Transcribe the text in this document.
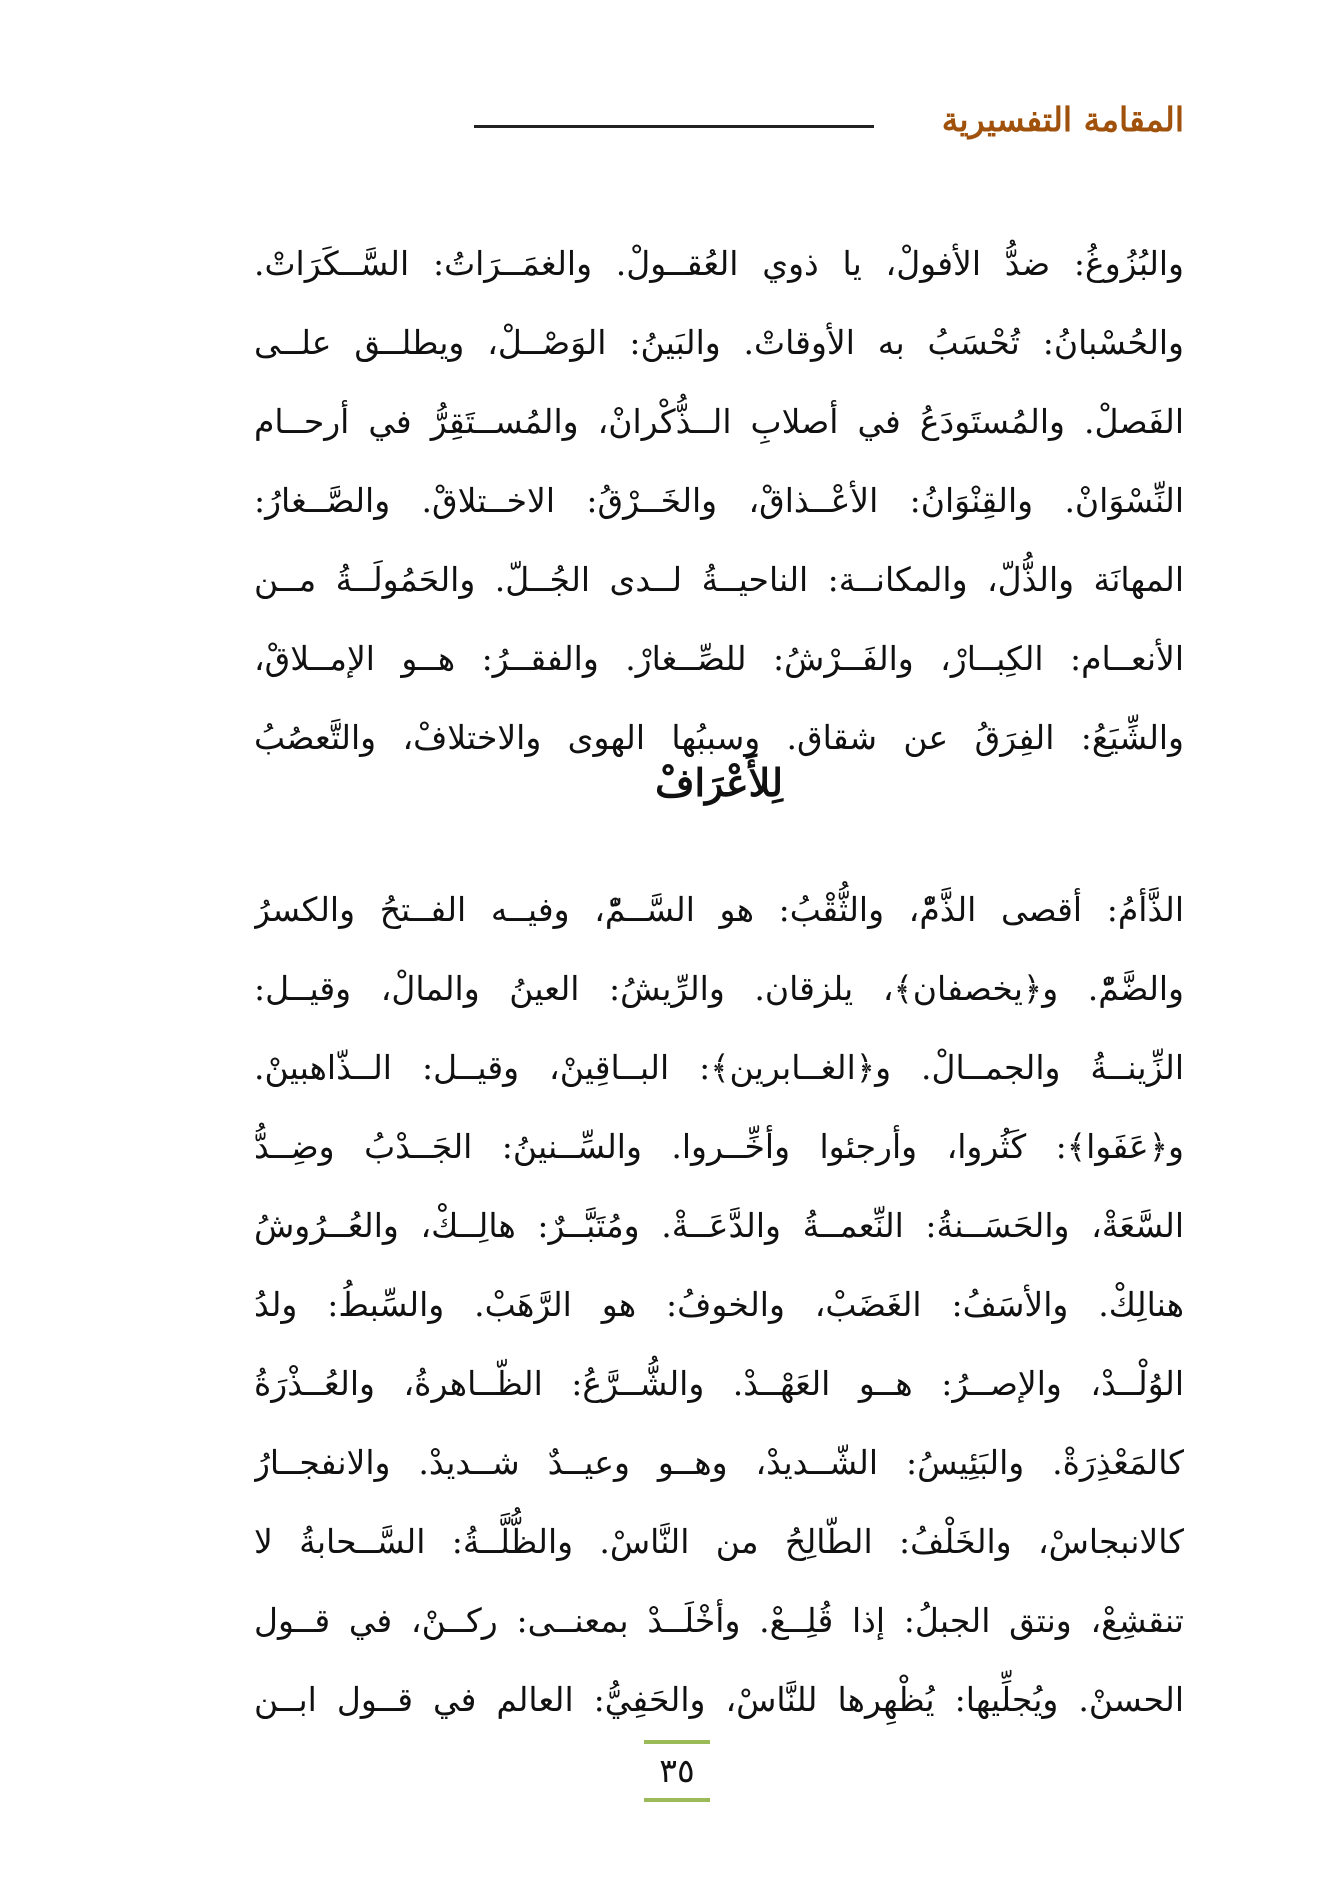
المقامة التفسيرية
والبُزُوغُ: ضدُّ الأفولْ، يا ذوي العُقــولْ. والغمَــرَاتُ: السَّــكَرَاتْ.
والحُسْبانُ: تُحْسَبُ به الأوقاتْ. والبَينُ: الوَصْــلْ، ويطلــق علــى
الفَصلْ. والمُستَودَعُ في أصلابِ الــذُّكْرانْ، والمُســتَقِرُّ في أرحــام
النِّسْوَانْ. والقِنْوَانُ: الأعْــذاقْ، والخَــرْقُ: الاخــتلاقْ. والصَّــغارُ:
المهانَة والذُّلّ، والمكانــة: الناحيــةُ لــدى الجُــلّ. والحَمُولَــةُ مــن
الأنعــام: الكِبــارْ، والفَــرْشُ: للصِّــغارْ. والفقــرُ: هــو الإمــلاقْ،
والشِّيَعُ: الفِرَقُ عن شقاق. وسببُها الهوى والاختلافْ، والتَّعصُبُ
لِلأَعْرَافْ
الذَّأمُ: أقصى الذَّمّْ، والثُّقْبُ: هو السَّــمّْ، وفيــه الفــتحُ والكسرُ
والضَّمّْ. و﴿يخصفان﴾، يلزقان. والرِّيشُ: العينُ والمالْ، وقيــل:
الزِّينــةُ والجمــالْ. و﴿الغــابرين﴾: البــاقِينْ، وقيــل: الــذّاهبينْ.
و﴿عَفَوا﴾: كَثُروا، وأرجئوا وأخِّــروا. والسِّــنينُ: الجَــدْبُ وضِــدُّ
السَّعَةْ، والحَسَــنةُ: النِّعمــةُ والدَّعَــةْ. ومُتَبَّــرٌ: هالِــكْ، والعُــرُوشُ
هنالِكْ. والأسَفُ: الغَضَبْ، والخوفُ: هو الرَّهَبْ. والسِّبطُ: ولدُ
الوُلْــدْ، والإصــرُ: هــو العَهْــدْ. والشُّــرَّعُ: الظّــاهرةُ، والعُــذْرَةُ
كالمَعْذِرَةْ. والبَئِيسُ: الشّــديدْ، وهــو وعيــدٌ شــديدْ. والانفجــارُ
كالانبجاسْ، والخَلْفُ: الطّالِحُ من النَّاسْ. والظُّلَّــةُ: السَّــحابةُ لا
تنقشِعْ، ونتق الجبلُ: إذا قُلِــعْ. وأخْلَــدْ بمعنــى: ركــنْ، في قــول
الحسنْ. ويُجلِّيها: يُظْهِرها للنَّاسْ، والحَفِيُّ: العالم في قــول ابــن
٣٥
